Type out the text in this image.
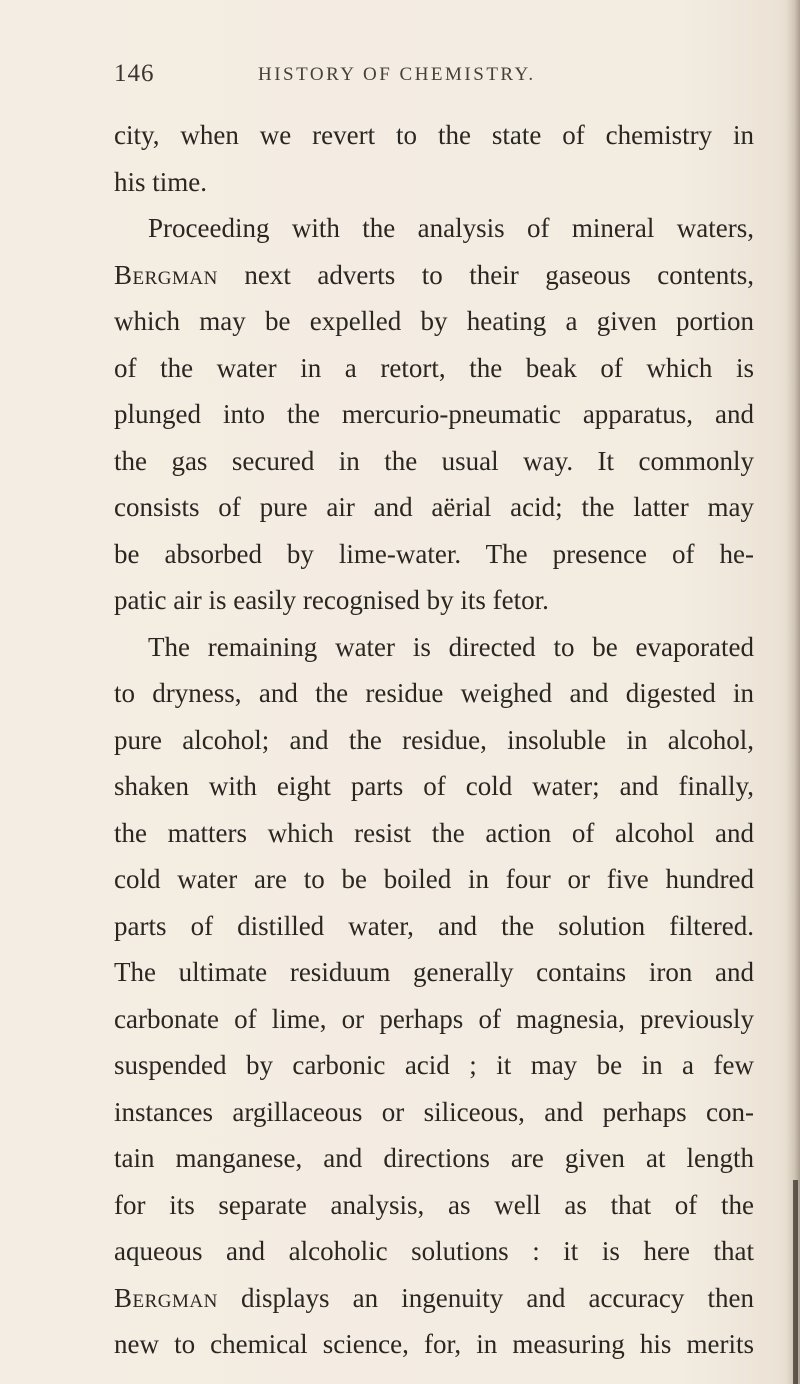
146	HISTORY OF CHEMISTRY.
city, when we revert to the state of chemistry in
his time.
Proceeding with the analysis of mineral waters,
Bergman next adverts to their gaseous contents,
which may be expelled by heating a given portion
of the water in a retort, the beak of which is
plunged into the mercurio-pneumatic apparatus, and
the gas secured in the usual way. It commonly
consists of pure air and aërial acid; the latter may
be absorbed by lime-water. The presence of he-
patic air is easily recognised by its fetor.
The remaining water is directed to be evaporated
to dryness, and the residue weighed and digested in
pure alcohol; and the residue, insoluble in alcohol,
shaken with eight parts of cold water; and finally,
the matters which resist the action of alcohol and
cold water are to be boiled in four or five hundred
parts of distilled water, and the solution filtered.
The ultimate residuum generally contains iron and
carbonate of lime, or perhaps of magnesia, previously
suspended by carbonic acid ; it may be in a few
instances argillaceous or siliceous, and perhaps con-
tain manganese, and directions are given at length
for its separate analysis, as well as that of the
aqueous and alcoholic solutions : it is here that
Bergman displays an ingenuity and accuracy then
new to chemical science, for, in measuring his merits
